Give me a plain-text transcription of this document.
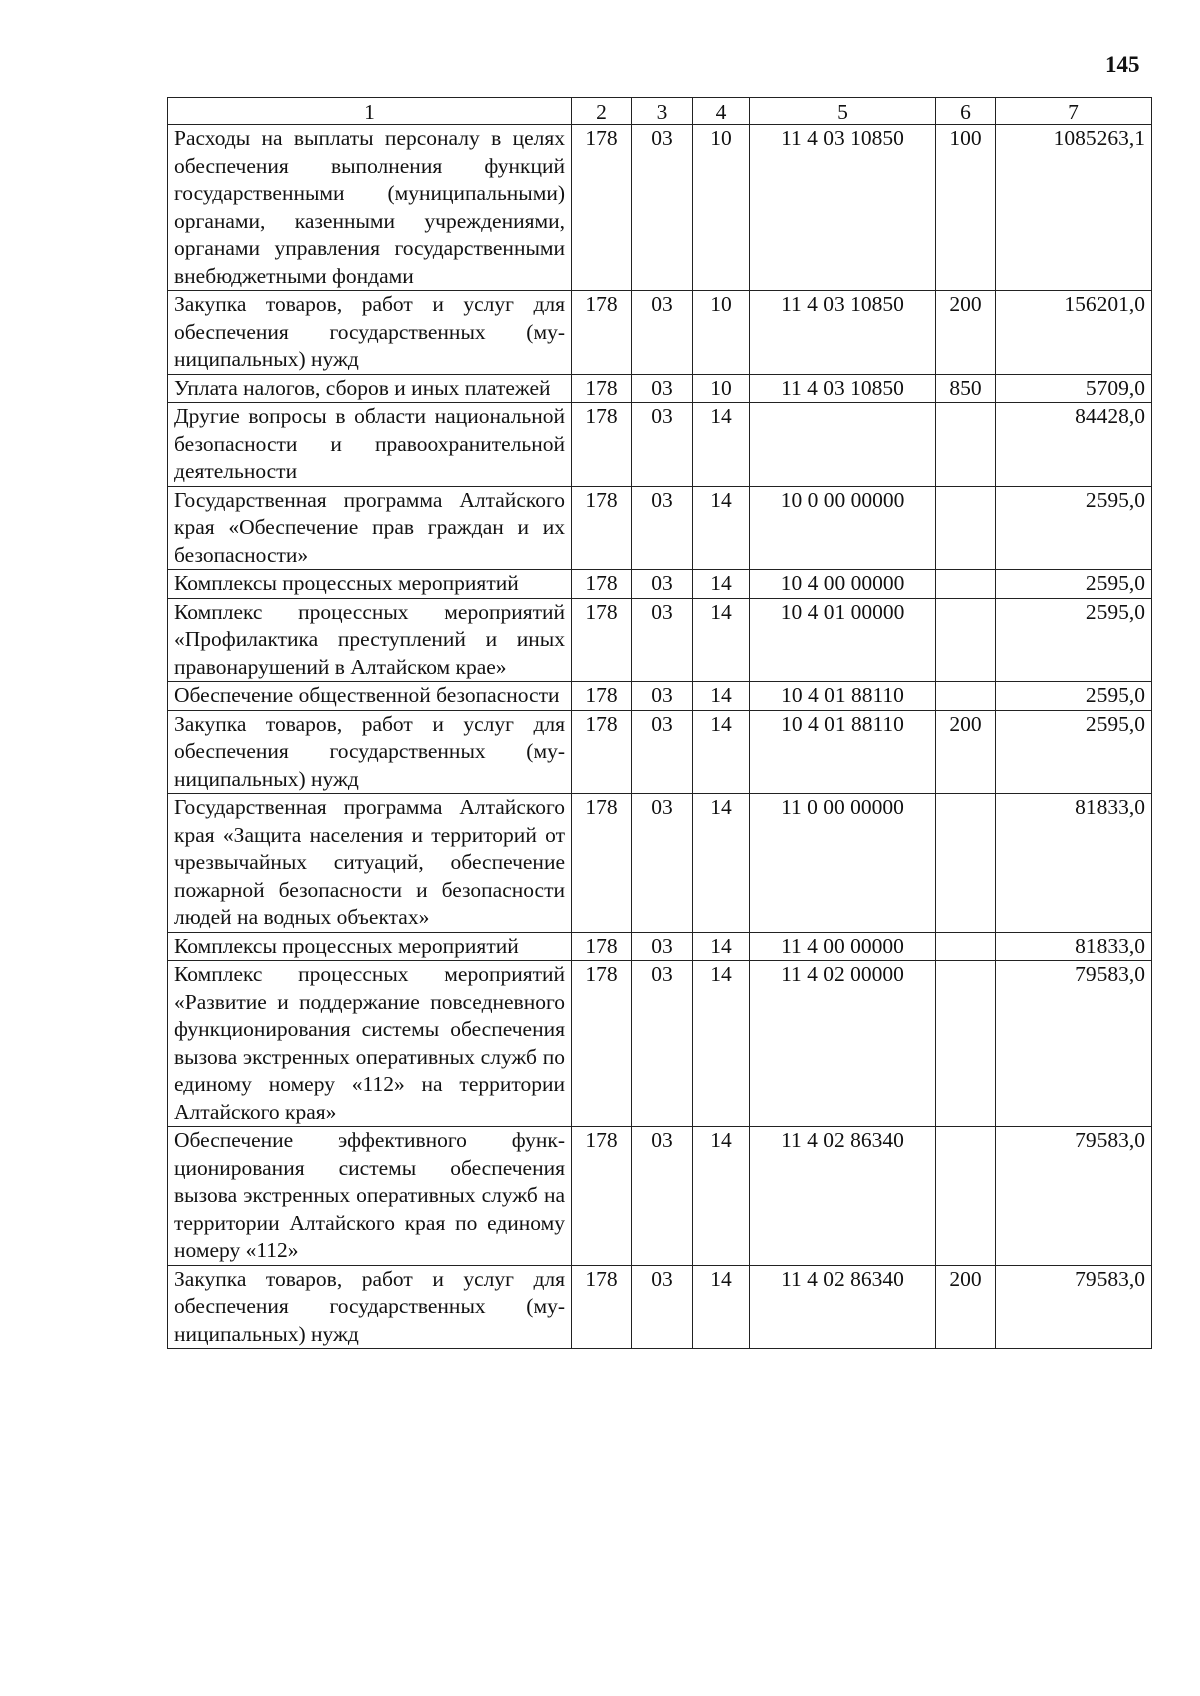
145
1	2	3	4	5	6	7
Расходы на выплаты персоналу в целях обеспечения выполнения функций государственными (муниципальными) органами, казенными учреждениями, органами управления государственными внебюджетными фондами	178	03	10	11 4 03 10850	100	1085263,1
Закупка товаров, работ и услуг для обеспечения государственных (муниципальных) нужд	178	03	10	11 4 03 10850	200	156201,0
Уплата налогов, сборов и иных платежей	178	03	10	11 4 03 10850	850	5709,0
Другие вопросы в области национальной безопасности и правоохранительной деятельности	178	03	14			84428,0
Государственная программа Алтайского края «Обеспечение прав граждан и их безопасности»	178	03	14	10 0 00 00000		2595,0
Комплексы процессных мероприятий	178	03	14	10 4 00 00000		2595,0
Комплекс процессных мероприятий «Профилактика преступлений и иных правонарушений в Алтайском крае»	178	03	14	10 4 01 00000		2595,0
Обеспечение общественной безопасности	178	03	14	10 4 01 88110		2595,0
Закупка товаров, работ и услуг для обеспечения государственных (муниципальных) нужд	178	03	14	10 4 01 88110	200	2595,0
Государственная программа Алтайского края «Защита населения и территорий от чрезвычайных ситуаций, обеспечение пожарной безопасности и безопасности людей на водных объектах»	178	03	14	11 0 00 00000		81833,0
Комплексы процессных мероприятий	178	03	14	11 4 00 00000		81833,0
Комплекс процессных мероприятий «Развитие и поддержание повседневного функционирования системы обеспечения вызова экстренных оперативных служб по единому номеру «112» на территории Алтайского края»	178	03	14	11 4 02 00000		79583,0
Обеспечение эффективного функционирования системы обеспечения вызова экстренных оперативных служб на территории Алтайского края по единому номеру «112»	178	03	14	11 4 02 86340		79583,0
Закупка товаров, работ и услуг для обеспечения государственных (муниципальных) нужд	178	03	14	11 4 02 86340	200	79583,0
